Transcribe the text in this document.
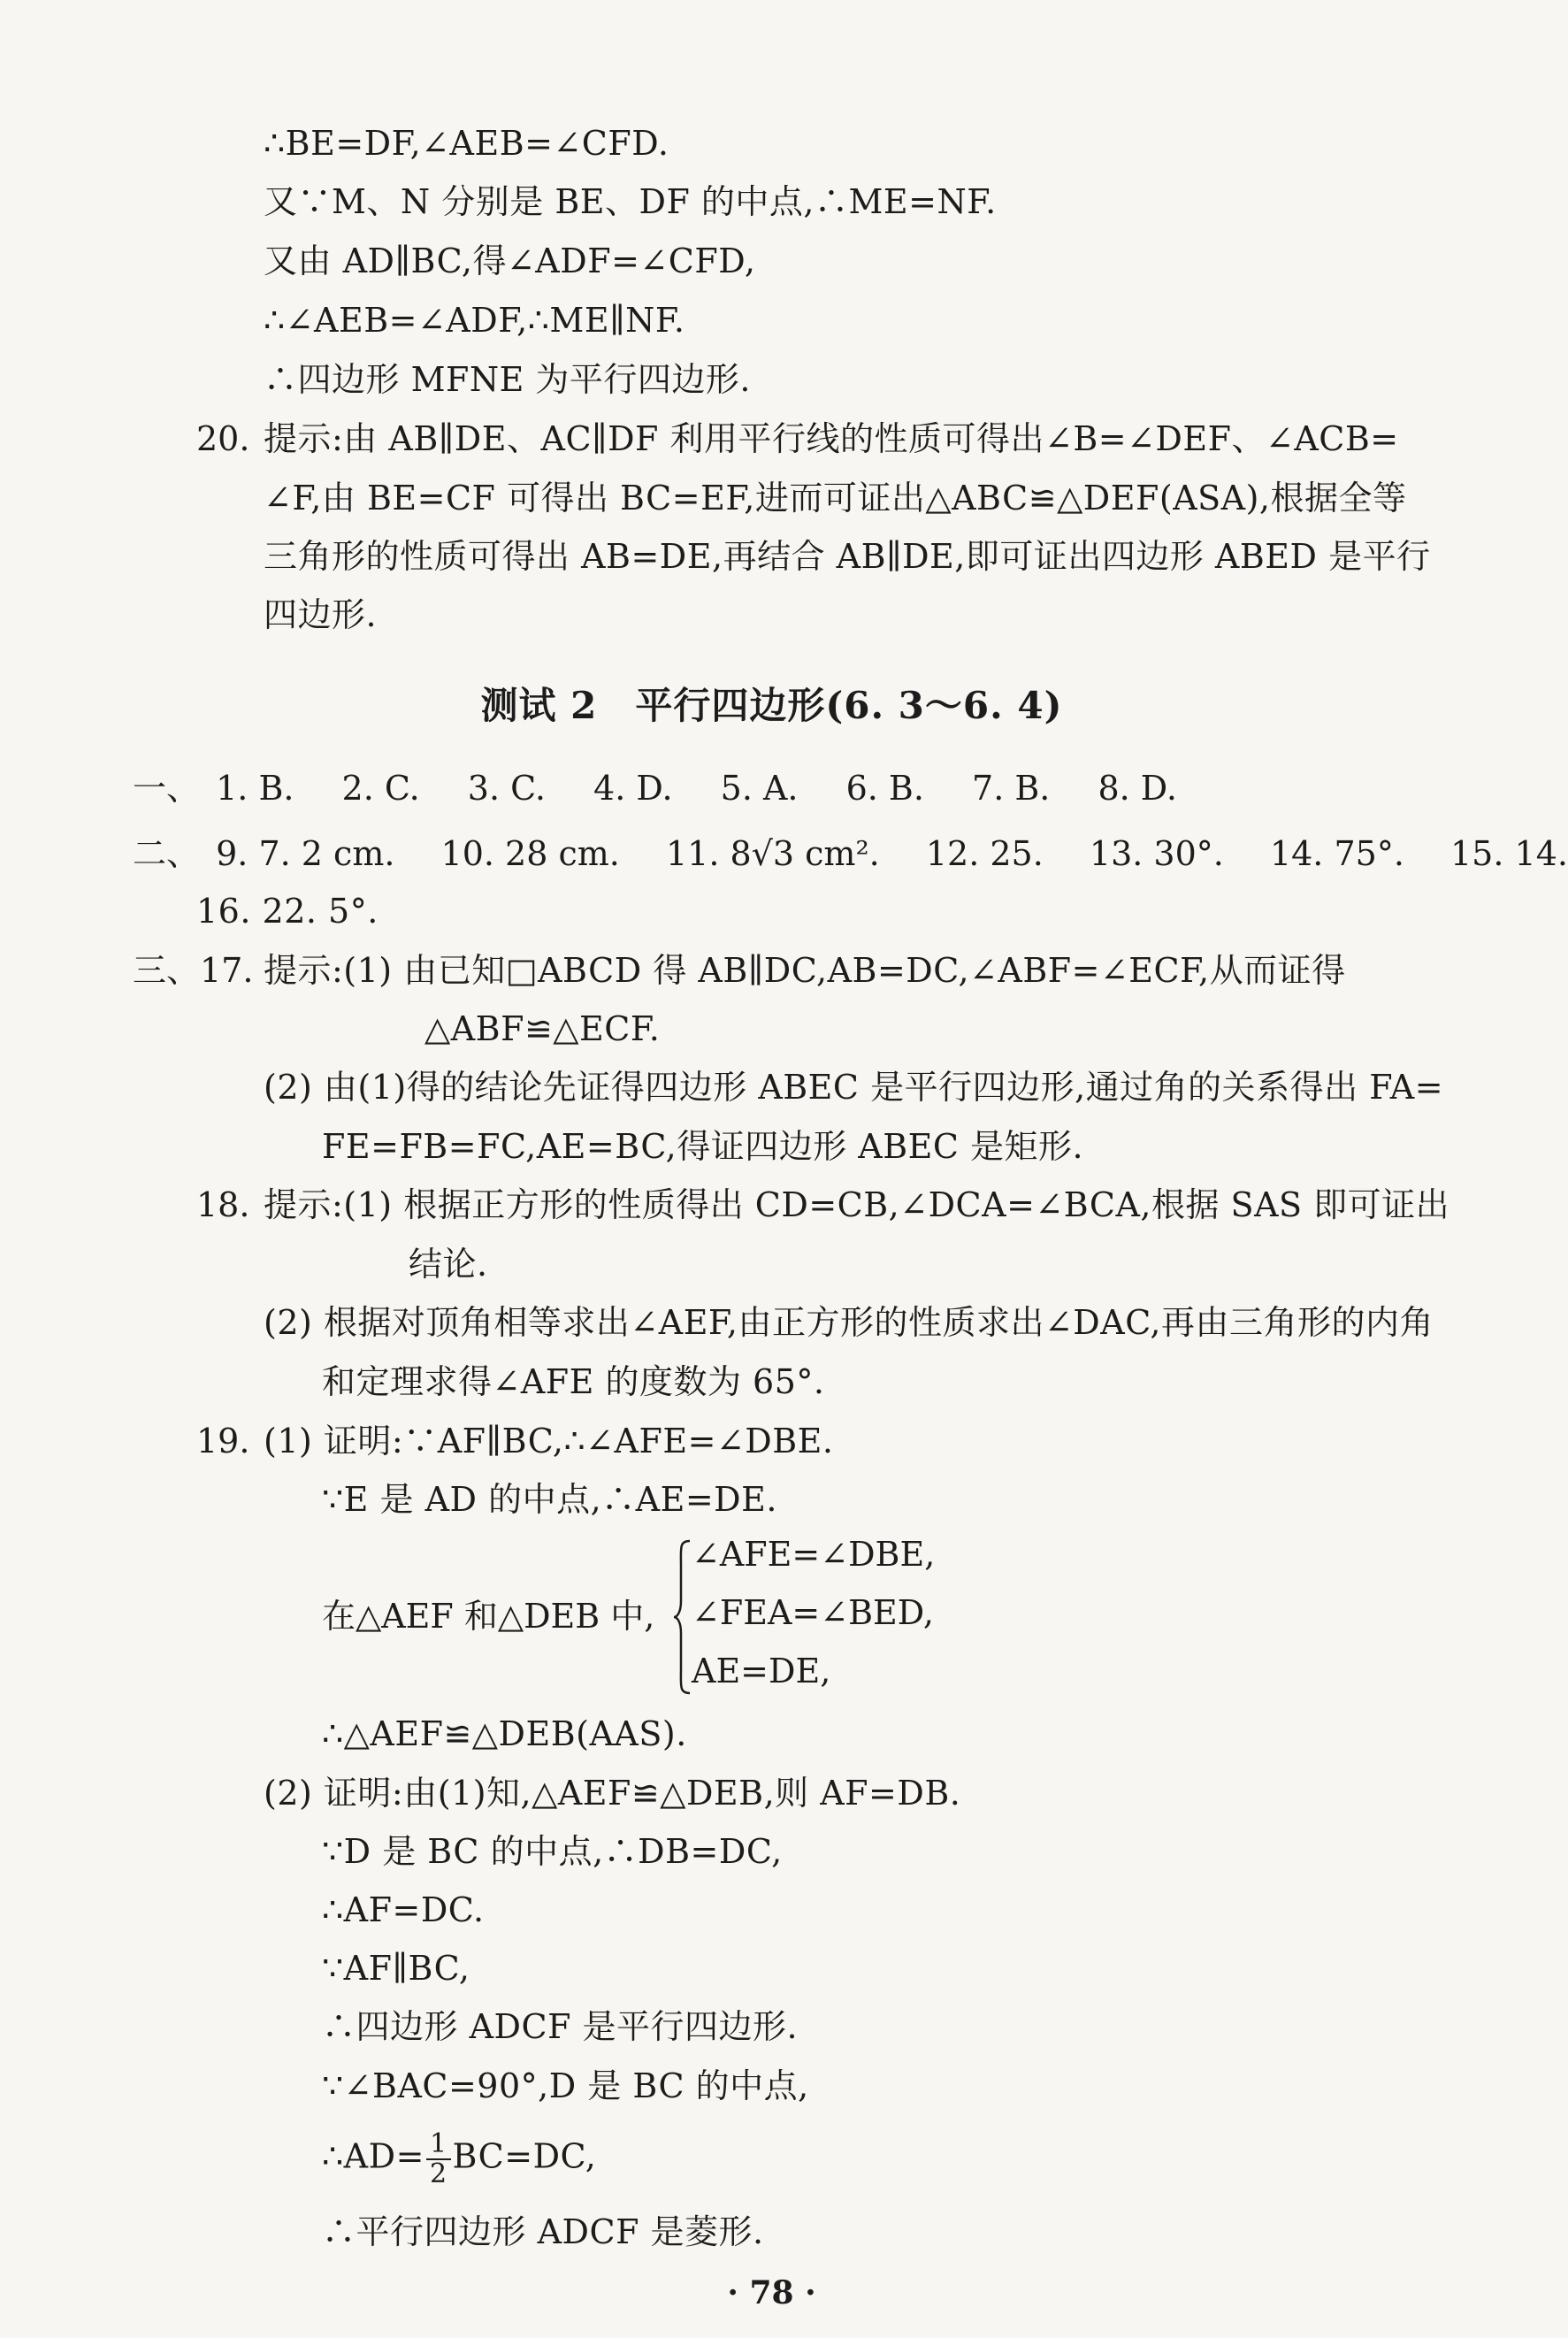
∴BE=DF,∠AEB=∠CFD.
又∵M、N 分别是 BE、DF 的中点,∴ME=NF.
又由 AD∥BC,得∠ADF=∠CFD,
∴∠AEB=∠ADF,∴ME∥NF.
∴四边形 MFNE 为平行四边形.
20. 提示:由 AB∥DE、AC∥DF 利用平行线的性质可得出∠B=∠DEF、∠ACB=
∠F,由 BE=CF 可得出 BC=EF,进而可证出△ABC≌△DEF(ASA),根据全等
三角形的性质可得出 AB=DE,再结合 AB∥DE,即可证出四边形 ABED 是平行
四边形.
测试 2　平行四边形(6. 3～6. 4)
一、 1. B. 2. C. 3. C. 4. D. 5. A. 6. B. 7. B. 8. D.
二、 9. 7. 2 cm. 10. 28 cm. 11. 8√3 cm². 12. 25. 13. 30°. 14. 75°. 15. 14.
16. 22. 5°.
三、17. 提示:(1) 由已知□ABCD 得 AB∥DC,AB=DC,∠ABF=∠ECF,从而证得
△ABF≌△ECF.
(2) 由(1)得的结论先证得四边形 ABEC 是平行四边形,通过角的关系得出 FA=
FE=FB=FC,AE=BC,得证四边形 ABEC 是矩形.
18. 提示:(1) 根据正方形的性质得出 CD=CB,∠DCA=∠BCA,根据 SAS 即可证出
结论.
(2) 根据对顶角相等求出∠AEF,由正方形的性质求出∠DAC,再由三角形的内角
和定理求得∠AFE 的度数为 65°.
19. (1) 证明:∵AF∥BC,∴∠AFE=∠DBE.
∵E 是 AD 的中点,∴AE=DE.
在△AEF 和△DEB 中,
∠AFE=∠DBE,
∠FEA=∠BED,
AE=DE,
∴△AEF≌△DEB(AAS).
(2) 证明:由(1)知,△AEF≌△DEB,则 AF=DB.
∵D 是 BC 的中点,∴DB=DC,
∴AF=DC.
∵AF∥BC,
∴四边形 ADCF 是平行四边形.
∵∠BAC=90°,D 是 BC 的中点,
∴AD= $\frac{1}{2} BC=DC$,
∴平行四边形 ADCF 是菱形.
· 78 ·
